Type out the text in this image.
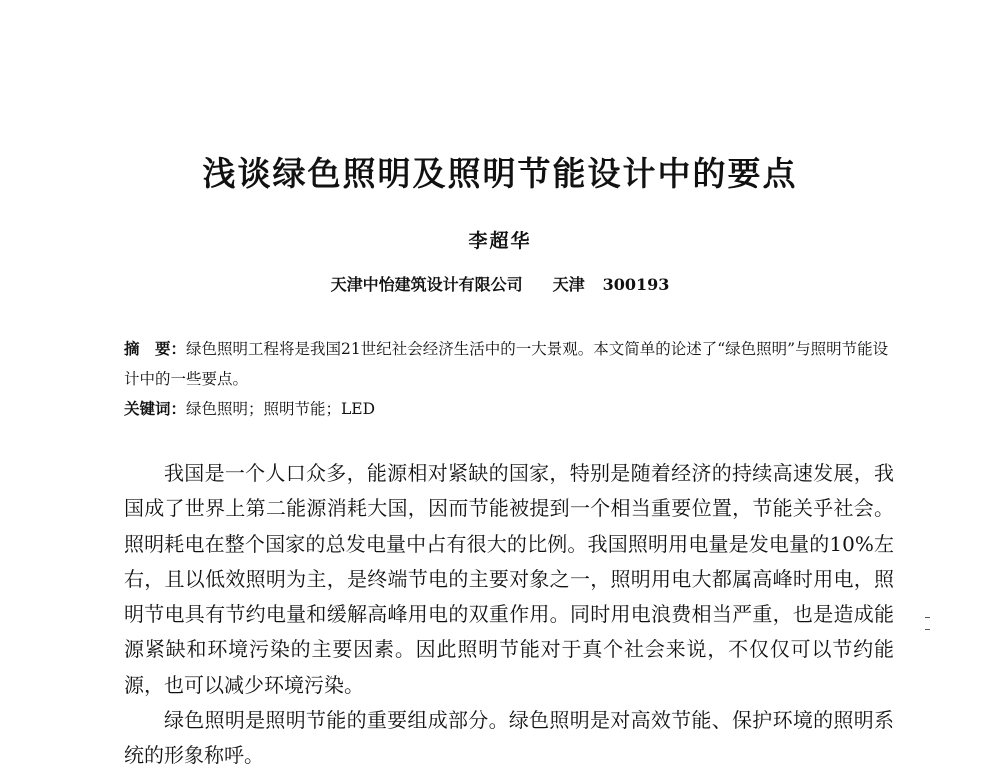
浅谈绿色照明及照明节能设计中的要点
李超华
天津中怡建筑设计有限公司 天津 300193
摘　要：绿色照明工程将是我国21世纪社会经济生活中的一大景观。本文简单的论述了“绿色照明”与照明节能设计中的一些要点。
关键词：绿色照明；照明节能；LED

我国是一个人口众多，能源相对紧缺的国家，特别是随着经济的持续高速发展，我国成了世界上第二能源消耗大国，因而节能被提到一个相当重要位置，节能关乎社会。照明耗电在整个国家的总发电量中占有很大的比例。我国照明用电量是发电量的10%左右，且以低效照明为主，是终端节电的主要对象之一，照明用电大都属高峰时用电，照明节电具有节约电量和缓解高峰用电的双重作用。同时用电浪费相当严重，也是造成能源紧缺和环境污染的主要因素。因此照明节能对于真个社会来说，不仅仅可以节约能源，也可以减少环境污染。

绿色照明是照明节能的重要组成部分。绿色照明是对高效节能、保护环境的照明系统的形象称呼。
